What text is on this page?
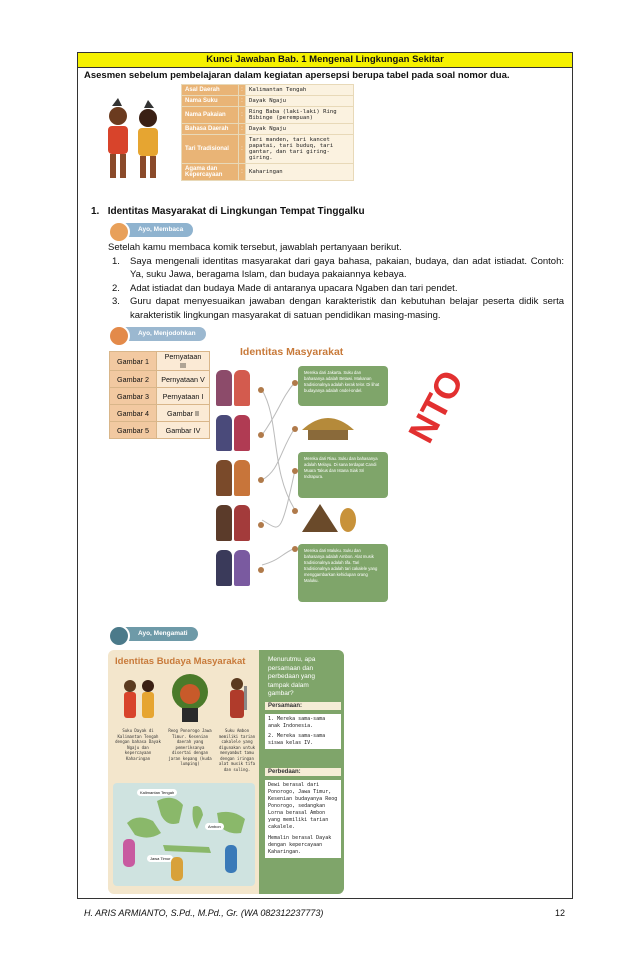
Kunci Jawaban Bab. 1 Mengenal Lingkungan Sekitar
Asesmen sebelum pembelajaran dalam kegiatan apersepsi berupa tabel pada soal nomor dua.
Asal Daerah	:	Kalimantan Tengah
Nama Suku	:	Dayak Ngaju
Nama Pakaian	:	Ring Baba (laki-laki) Ring Bibinge (perempuan)
Bahasa Daerah	:	Dayak Ngaju
Tari Tradisional	:	Tari manden, tari kancet papatai, tari buduq, tari gantar, dan tari giring-giring.
Agama dan Kepercayaan	:	Kaharingan
1. Identitas Masyarakat di Lingkungan Tempat Tinggalku
Ayo, Membaca
Setelah kamu membaca komik tersebut, jawablah pertanyaan berikut.
1. Saya mengenali identitas masyarakat dari gaya bahasa, pakaian, budaya, dan adat istiadat. Contoh: Ya, suku Jawa, beragama Islam, dan budaya pakaiannya kebaya.
2. Adat istiadat dan budaya Made di antaranya upacara Ngaben dan tari pendet.
3. Guru dapat menyesuaikan jawaban dengan karakteristik dan kebutuhan belajar peserta didik serta karakteristik lingkungan masyarakat di satuan pendidikan masing-masing.
Ayo, Menjodohkan
Gambar 1	Pernyataan III
Gambar 2	Pernyataan V
Gambar 3	Pernyataan I
Gambar 4	Gambar II
Gambar 5	Gambar IV
Identitas Masyarakat
Mereka dari Jakarta. Suku dan bahasanya adalah Betawi. Makanan tradisionalnya adalah kerak telor. Di lihat budayanya adalah ondel-ondel.
Mereka dari Riau. Suku dan bahasanya adalah Melayu. Di sana terdapat Candi Muara Takus dan Istana Siak Sri Indrapura.
Mereka dari Maluku. Suku dan bahasanya adalah Ambon. Alat musik tradisionalnya adalah tifa. Tari tradisionalnya adalah tari cakalele yang menggambarkan kehidupan orang Maluku.
NTO
Ayo, Mengamati
Identitas Budaya Masyarakat
Suku Dayak di Kalimantan Tengah dengan bahasa Dayak Ngaju dan kepercayaan Kaharingan
Reog Ponorogo Jawa Timur. Kesenian daerah yang pemeriksanya disertai dengan jaran kepang (kuda lumping)
Suku Ambon memiliki tarian cakalele yang digunakan untuk menyambut tamu dengan iringan alat musik tifa dan suling.
Kalimantan Tengah
Jawa Timur
Ambon
Menurutmu, apa persamaan dan perbedaan yang tampak dalam gambar?
Persamaan:
1. Mereka sama-sama anak Indonesia.
2. Mereka sama-sama siswa kelas IV.
Perbedaan:
Dewi berasal dari Ponorogo, Jawa Timur, Kesenian budayanya Reog Ponorogo, sedangkan Lorna berasal Ambon yang memiliki tarian cakalele.
Hemalin berasal Dayak dengan kepercayaan Kaharingan.
H. ARIS ARMIANTO, S.Pd., M.Pd., Gr. (WA 082312237773)	12
